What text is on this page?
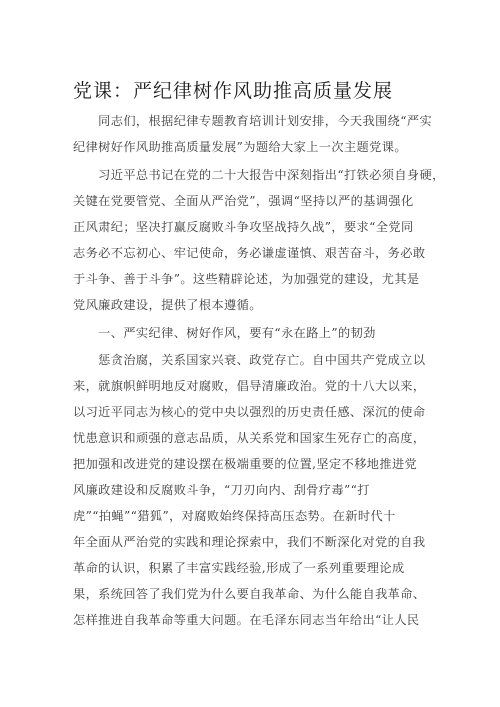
党课：严纪律树作风助推高质量发展
　　同志们，根据纪律专题教育培训计划安排，今天我围绕“严实
纪律树好作风助推高质量发展”为题给大家上一次主题党课。
　　习近平总书记在党的二十大报告中深刻指出“打铁必须自身硬，
关键在党要管党、全面从严治党”，强调“坚持以严的基调强化
正风肃纪；坚决打赢反腐败斗争攻坚战持久战”，要求“全党同
志务必不忘初心、牢记使命，务必谦虚谨慎、艰苦奋斗，务必敢
于斗争、善于斗争”。这些精辟论述，为加强党的建设，尤其是
党风廉政建设，提供了根本遵循。
　　一、严实纪律、树好作风，要有“永在路上”的韧劲
　　惩贪治腐，关系国家兴衰、政党存亡。自中国共产党成立以
来，就旗帜鲜明地反对腐败，倡导清廉政治。党的十八大以来，
以习近平同志为核心的党中央以强烈的历史责任感、深沉的使命
忧患意识和顽强的意志品质，从关系党和国家生死存亡的高度，
把加强和改进党的建设摆在极端重要的位置,坚定不移地推进党
风廉政建设和反腐败斗争，“刀刃向内、刮骨疗毒”“打
虎”“拍蝇”“猎狐”，对腐败始终保持高压态势。在新时代十
年全面从严治党的实践和理论探索中，我们不断深化对党的自我
革命的认识，积累了丰富实践经验,形成了一系列重要理论成
果，系统回答了我们党为什么要自我革命、为什么能自我革命、
怎样推进自我革命等重大问题。在毛泽东同志当年给出“让人民
